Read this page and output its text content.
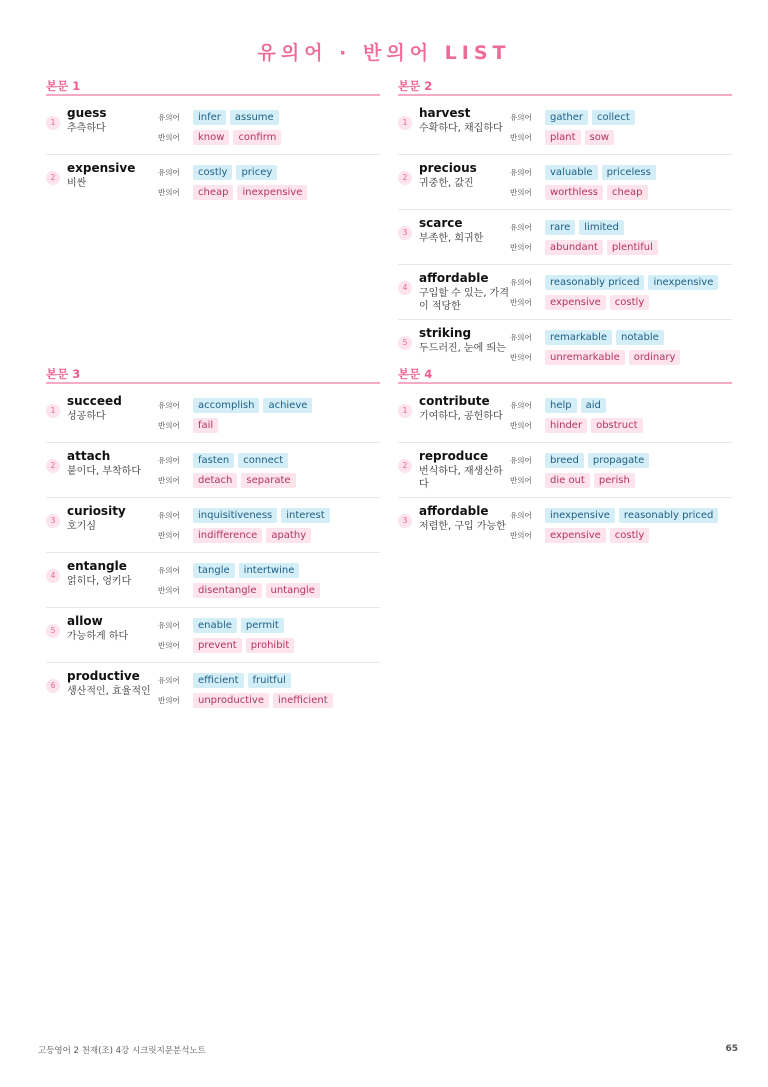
유의어 · 반의어 LIST
본문 1
1
guess
추측하다
유의어	infer	assume
반의어	know	confirm
2
expensive
비싼
유의어	costly	pricey
반의어	cheap	inexpensive
본문 2
1
harvest
수확하다, 채집하다
유의어	gather	collect
반의어	plant	sow
2
precious
귀중한, 값진
유의어	valuable	priceless
반의어	worthless	cheap
3
scarce
부족한, 희귀한
유의어	rare	limited
반의어	abundant	plentiful
4
affordable
구입할 수 있는, 가격이 적당한
유의어	reasonably priced	inexpensive
반의어	expensive	costly
5
striking
두드러진, 눈에 띄는
유의어	remarkable	notable
반의어	unremarkable	ordinary
본문 3
1
succeed
성공하다
유의어	accomplish	achieve
반의어	fail
2
attach
붙이다, 부착하다
유의어	fasten	connect
반의어	detach	separate
3
curiosity
호기심
유의어	inquisitiveness	interest
반의어	indifference	apathy
4
entangle
얽히다, 엉키다
유의어	tangle	intertwine
반의어	disentangle	untangle
5
allow
가능하게 하다
유의어	enable	permit
반의어	prevent	prohibit
6
productive
생산적인, 효율적인
유의어	efficient	fruitful
반의어	unproductive	inefficient
본문 4
1
contribute
기여하다, 공헌하다
유의어	help	aid
반의어	hinder	obstruct
2
reproduce
번식하다, 재생산하다
유의어	breed	propagate
반의어	die out	perish
3
affordable
저렴한, 구입 가능한
유의어	inexpensive	reasonably priced
반의어	expensive	costly
고등영어 2 천재(조) 4강 시크릿지문분석노트	65
